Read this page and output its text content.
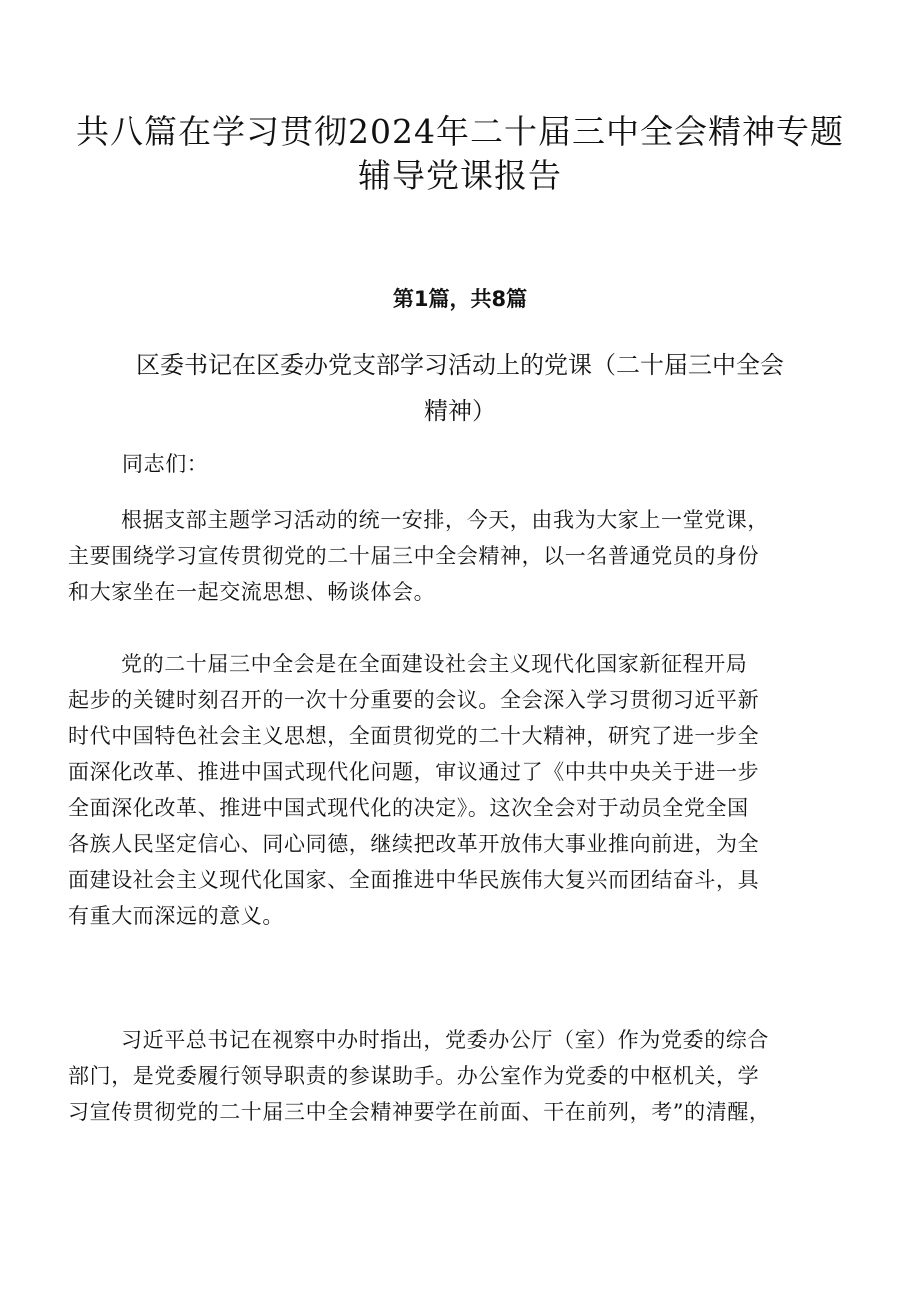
共八篇在学习贯彻2024年二十届三中全会精神专题
辅导党课报告
第1篇，共8篇
区委书记在区委办党支部学习活动上的党课（二十届三中全会
精神）
同志们：
根据支部主题学习活动的统一安排，今天，由我为大家上一堂党课，
主要围绕学习宣传贯彻党的二十届三中全会精神，以一名普通党员的身份
和大家坐在一起交流思想、畅谈体会。
党的二十届三中全会是在全面建设社会主义现代化国家新征程开局
起步的关键时刻召开的一次十分重要的会议。全会深入学习贯彻习近平新
时代中国特色社会主义思想，全面贯彻党的二十大精神，研究了进一步全
面深化改革、推进中国式现代化问题，审议通过了《中共中央关于进一步
全面深化改革、推进中国式现代化的决定》。这次全会对于动员全党全国
各族人民坚定信心、同心同德，继续把改革开放伟大事业推向前进，为全
面建设社会主义现代化国家、全面推进中华民族伟大复兴而团结奋斗，具
有重大而深远的意义。
习近平总书记在视察中办时指出，党委办公厅（室）作为党委的综合
部门，是党委履行领导职责的参谋助手。办公室作为党委的中枢机关，学
习宣传贯彻党的二十届三中全会精神要学在前面、干在前列，考”的清醒，
